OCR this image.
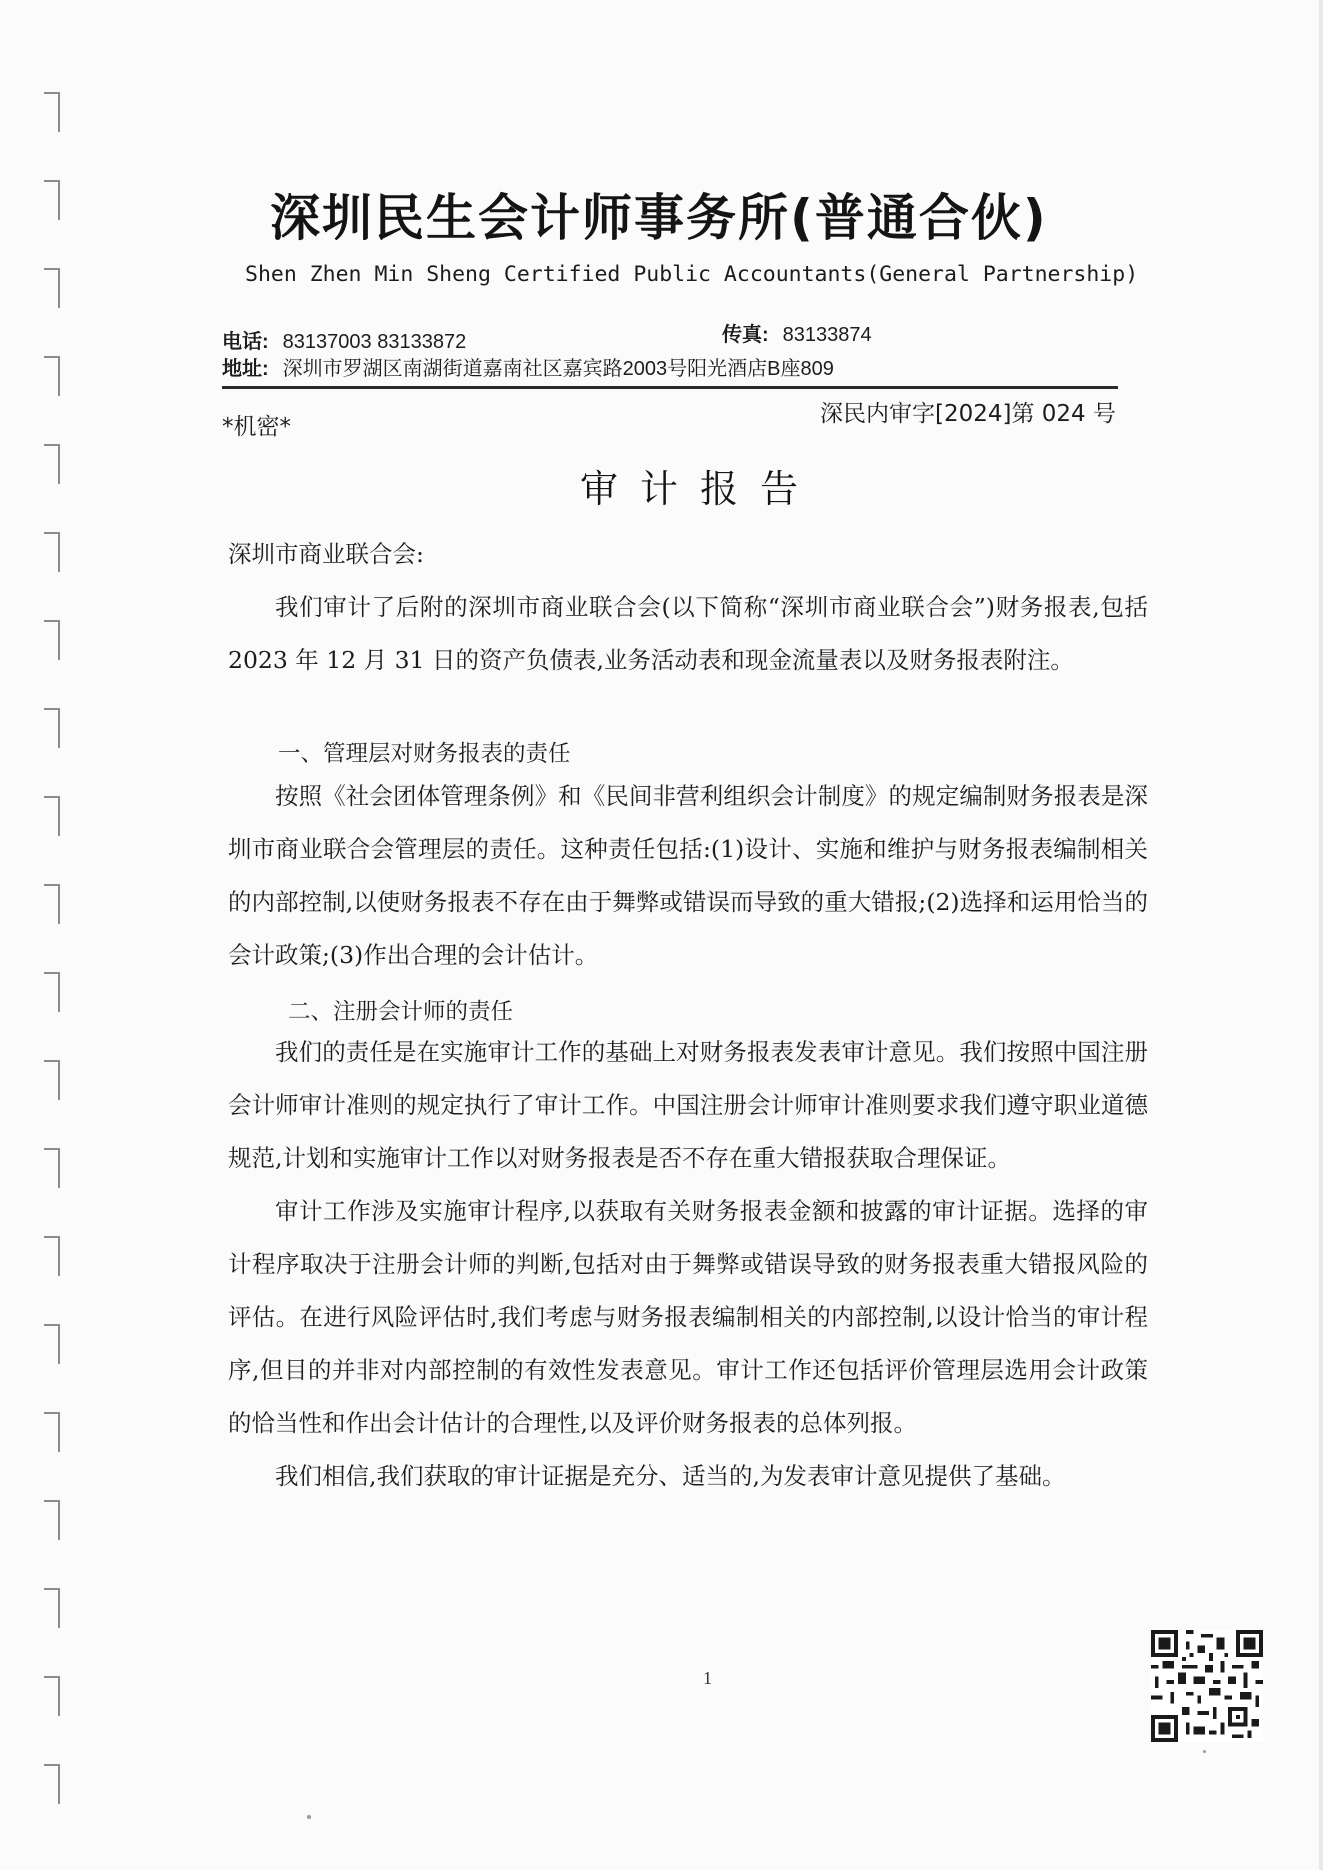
深圳民生会计师事务所(普通合伙)
Shen Zhen Min Sheng Certified Public Accountants(General Partnership)
电话: 83137003 83133872	传真: 83133874
地址: 深圳市罗湖区南湖街道嘉南社区嘉宾路2003号阳光酒店B座809
*机密*	深民内审字[2024]第 024 号
审计报告

深圳市商业联合会:

我们审计了后附的深圳市商业联合会(以下简称“深圳市商业联合会”)财务报表,包括 2023 年 12 月 31 日的资产负债表,业务活动表和现金流量表以及财务报表附注。

一、管理层对财务报表的责任

按照《社会团体管理条例》和《民间非营利组织会计制度》的规定编制财务报表是深圳市商业联合会管理层的责任。这种责任包括:(1)设计、实施和维护与财务报表编制相关的内部控制,以使财务报表不存在由于舞弊或错误而导致的重大错报;(2)选择和运用恰当的会计政策;(3)作出合理的会计估计。

二、注册会计师的责任

我们的责任是在实施审计工作的基础上对财务报表发表审计意见。我们按照中国注册会计师审计准则的规定执行了审计工作。中国注册会计师审计准则要求我们遵守职业道德规范,计划和实施审计工作以对财务报表是否不存在重大错报获取合理保证。

审计工作涉及实施审计程序,以获取有关财务报表金额和披露的审计证据。选择的审计程序取决于注册会计师的判断,包括对由于舞弊或错误导致的财务报表重大错报风险的评估。在进行风险评估时,我们考虑与财务报表编制相关的内部控制,以设计恰当的审计程序,但目的并非对内部控制的有效性发表意见。审计工作还包括评价管理层选用会计政策的恰当性和作出会计估计的合理性,以及评价财务报表的总体列报。

我们相信,我们获取的审计证据是充分、适当的,为发表审计意见提供了基础。

1
